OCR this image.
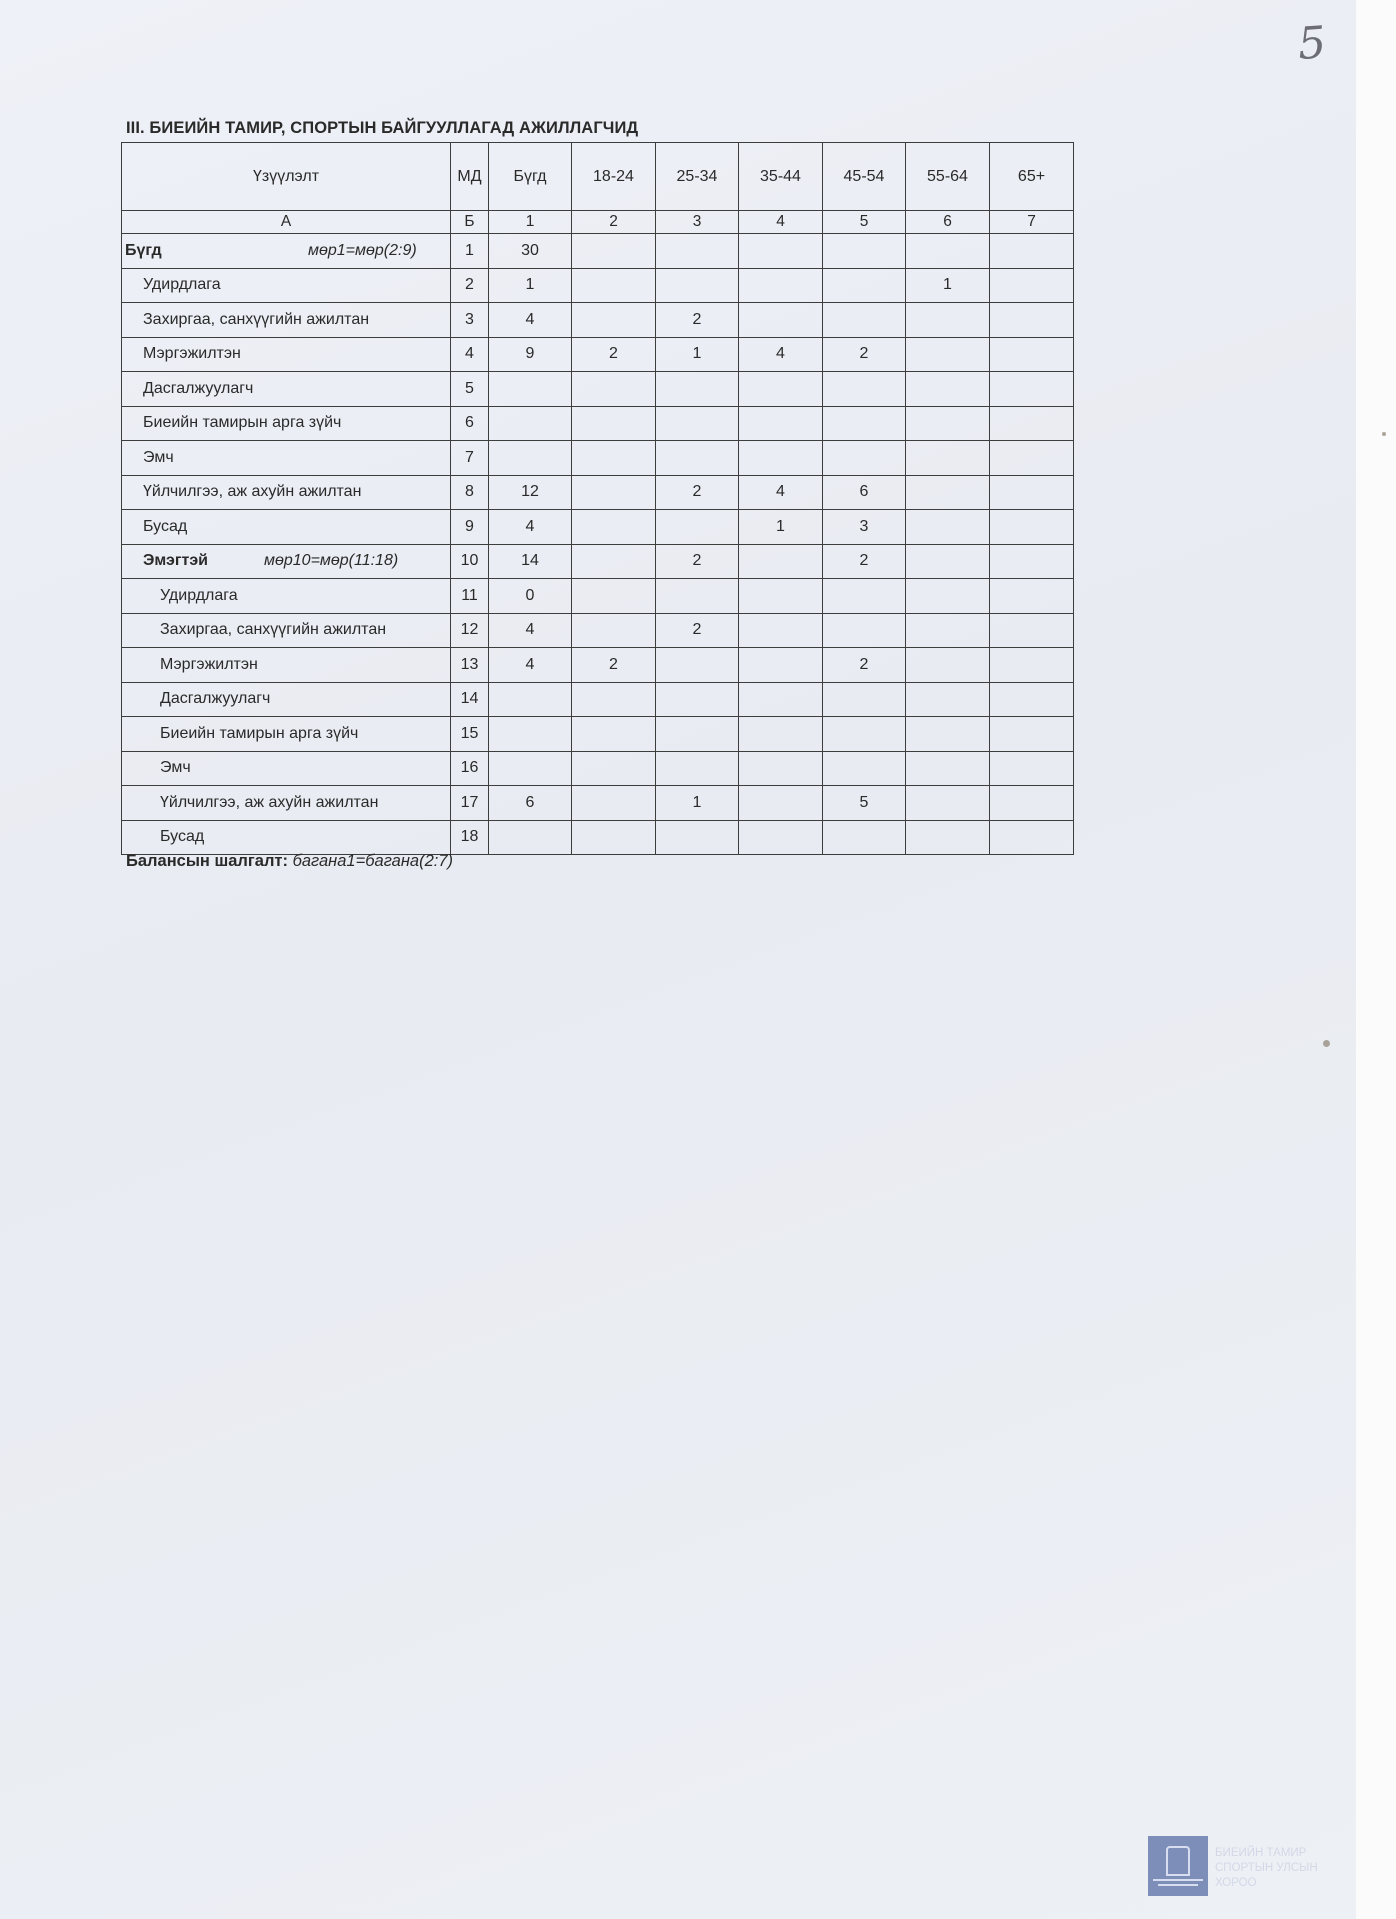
5
III. БИЕИЙН ТАМИР, СПОРТЫН БАЙГУУЛЛАГАД АЖИЛЛАГЧИД
Үзүүлэлт	МД	Бүгд	18-24	25-34	35-44	45-54	55-64	65+
А	Б	1	2	3	4	5	6	7
Бүгд мөр1=мөр(2:9)	1	30						
Удирдлага	2	1					1	
Захиргаа, санхүүгийн ажилтан	3	4		2				
Мэргэжилтэн	4	9	2	1	4	2		
Дасгалжуулагч	5							
Биеийн тамирын арга зүйч	6							
Эмч	7							
Үйлчилгээ, аж ахуйн ажилтан	8	12		2	4	6		
Бусад	9	4			1	3		
Эмэгтэй мөр10=мөр(11:18)	10	14		2		2		
Удирдлага	11	0						
Захиргаа, санхүүгийн ажилтан	12	4		2				
Мэргэжилтэн	13	4	2			2		
Дасгалжуулагч	14							
Биеийн тамирын арга зүйч	15							
Эмч	16							
Үйлчилгээ, аж ахуйн ажилтан	17	6		1		5		
Бусад	18							
Балансын шалгалт: багана1=багана(2:7)
БИЕИЙН ТАМИР СПОРТЫН УЛСЫН ХОРОО
